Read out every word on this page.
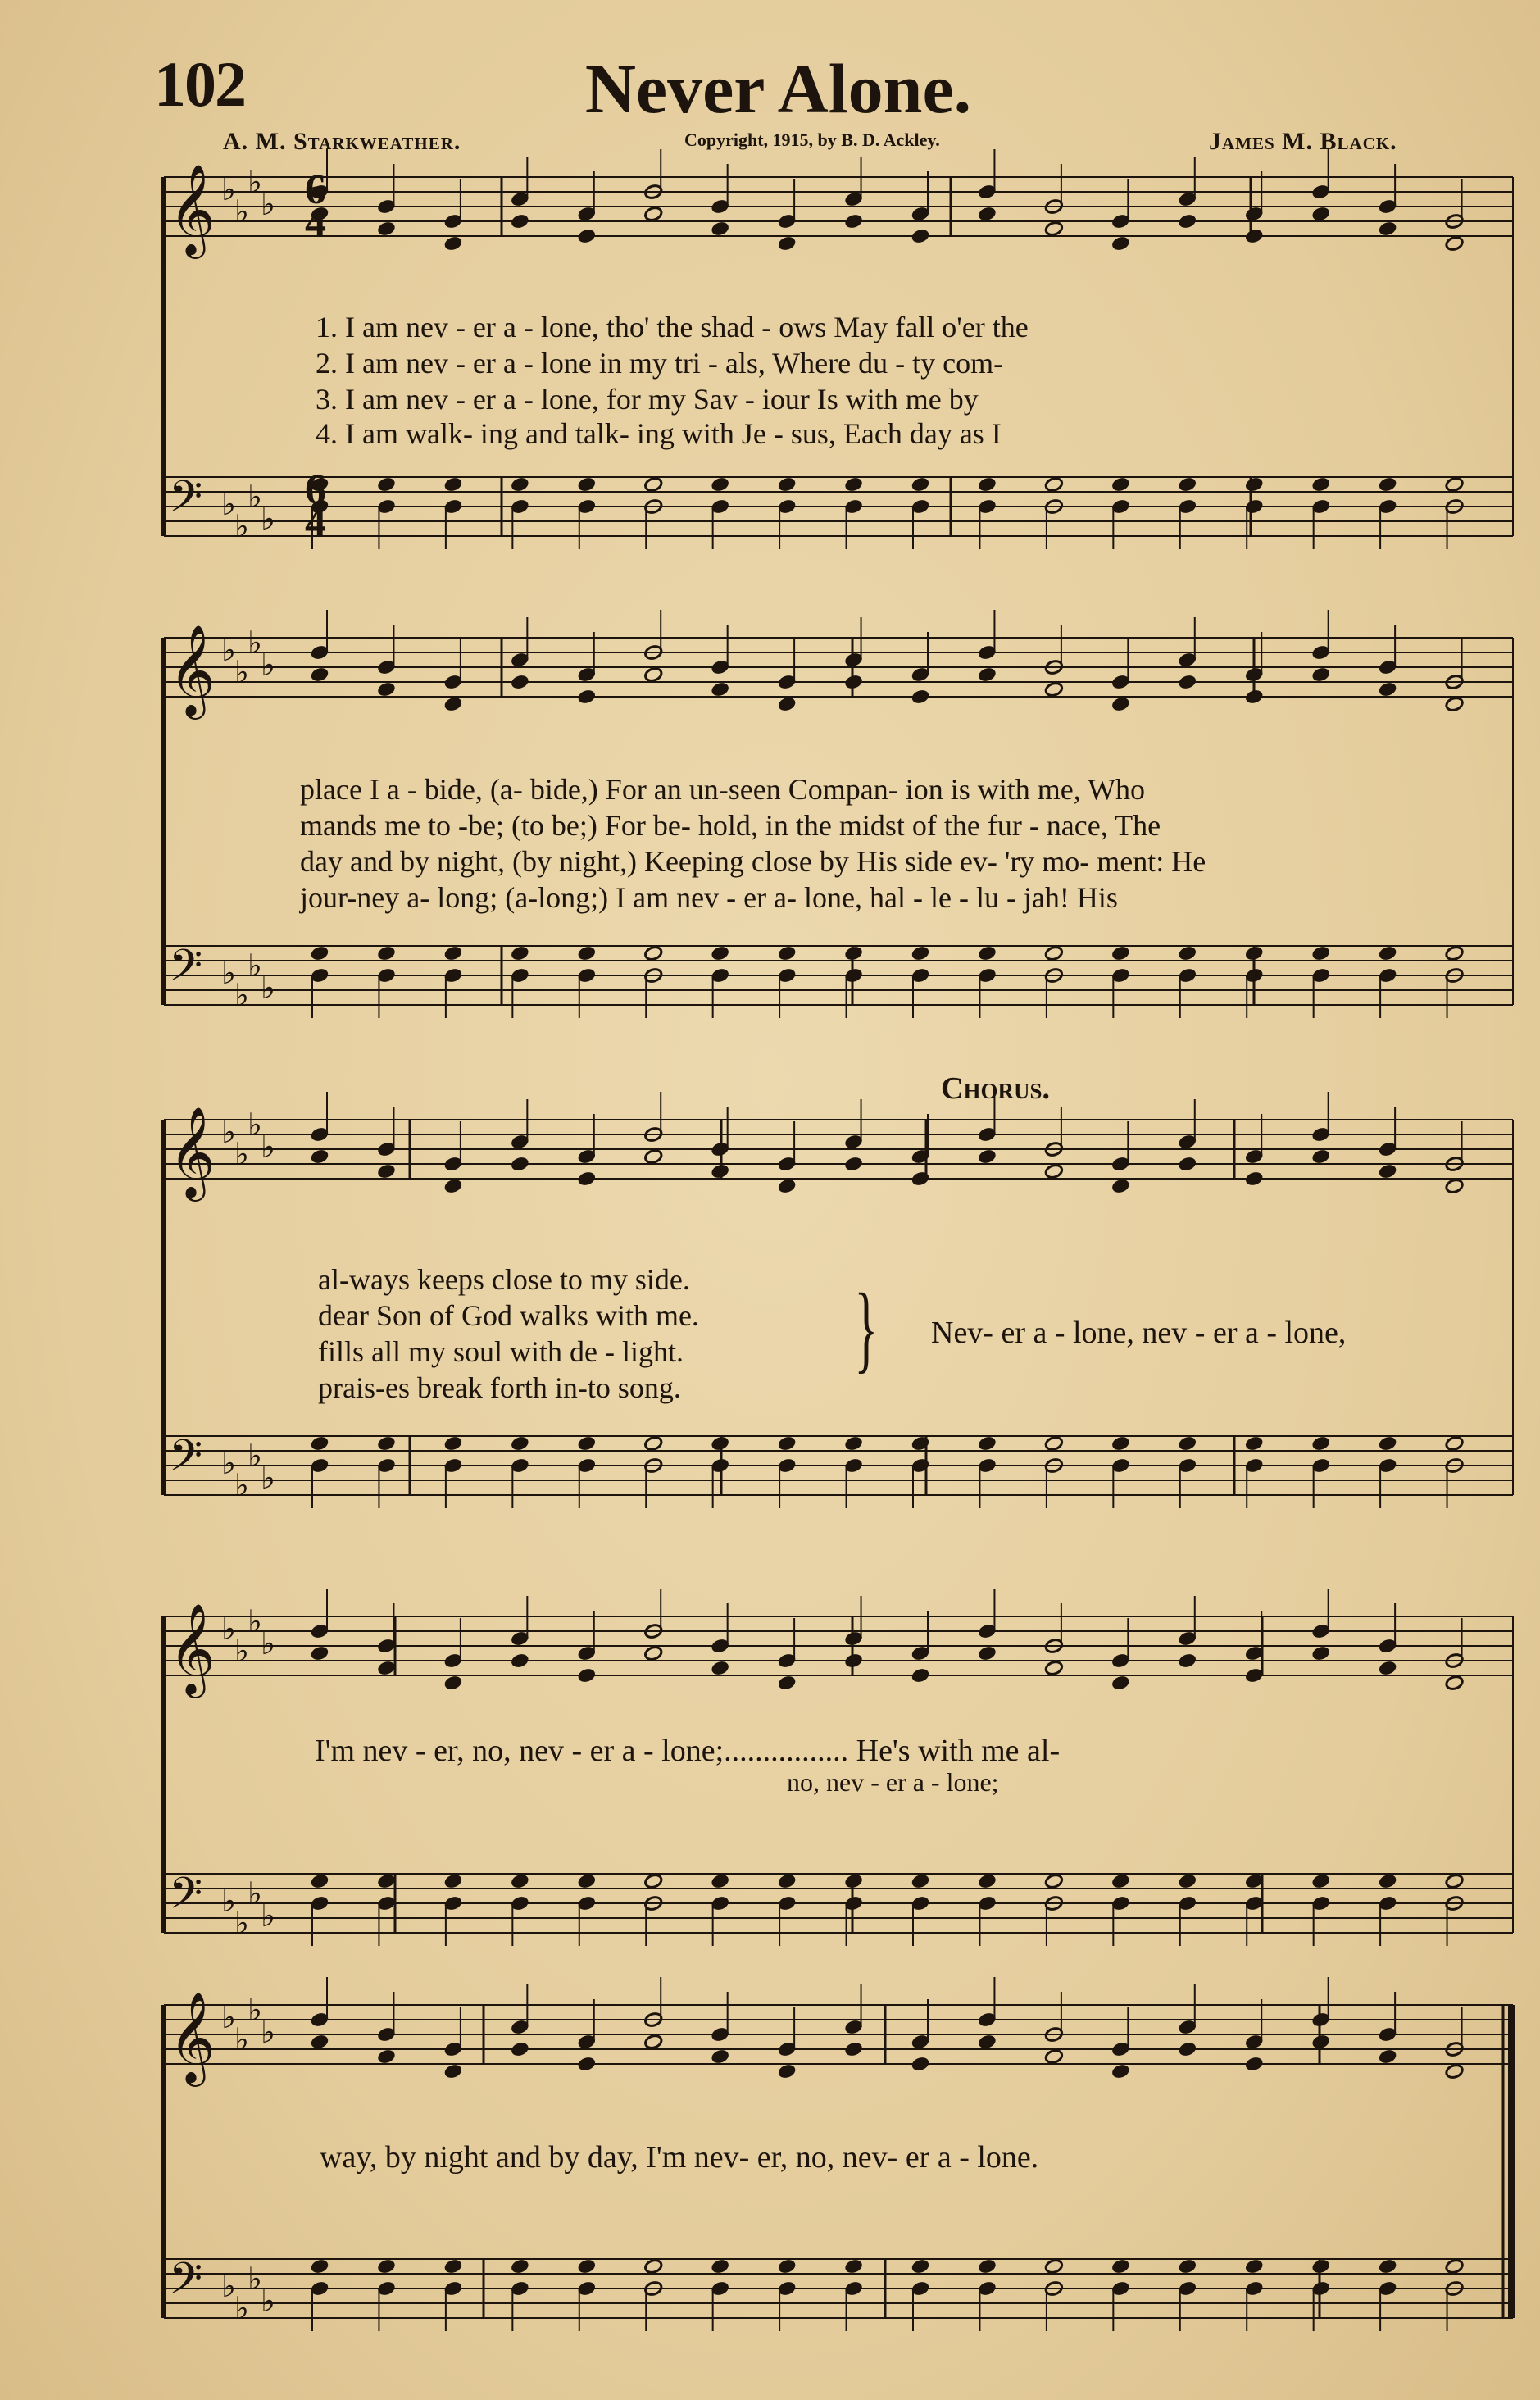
102	Never Alone.
A. M. Starkweather.	Copyright, 1915, by B. D. Ackley.	James M. Black.
𝄞 ♭
♭
♭
♭
𝄢 ♭
♭
♭
♭
𝄞 ♭
♭
♭
♭
𝄢 ♭
♭
♭
♭
𝄞 ♭
♭
♭
♭
𝄢 ♭
♭
♭
♭
𝄞 ♭
♭
♭
♭
𝄢 ♭
♭
♭
♭
𝄞 ♭
♭
♭
♭
𝄢 ♭
♭
♭
♭
6
4
6
4
1. I am nev - er a - lone, tho' the shad - ows May fall o'er the
2. I am nev - er a - lone in my tri - als, Where du - ty com-
3. I am nev - er a - lone, for my Sav - iour Is with me by
4. I am walk- ing and talk- ing with Je - sus, Each day as I
place I a - bide, (a- bide,) For an un-seen Compan- ion is with me, Who
mands me to -be; (to be;) For be- hold, in the midst of the fur - nace, The
day and by night, (by night,) Keeping close by His side ev- 'ry mo- ment: He
jour-ney a- long; (a-long;) I am nev - er a- lone, hal - le - lu - jah! His
Chorus.
al-ways keeps close to my side.
dear Son of God walks with me.
fills all my soul with de - light.
prais-es break forth in-to song.
} Nev- er a - lone, nev - er a - lone,
I'm nev - er, no, nev - er a - lone;................ He's with me al-
no, nev - er a - lone;
way, by night and by day, I'm nev- er, no, nev- er a - lone.
